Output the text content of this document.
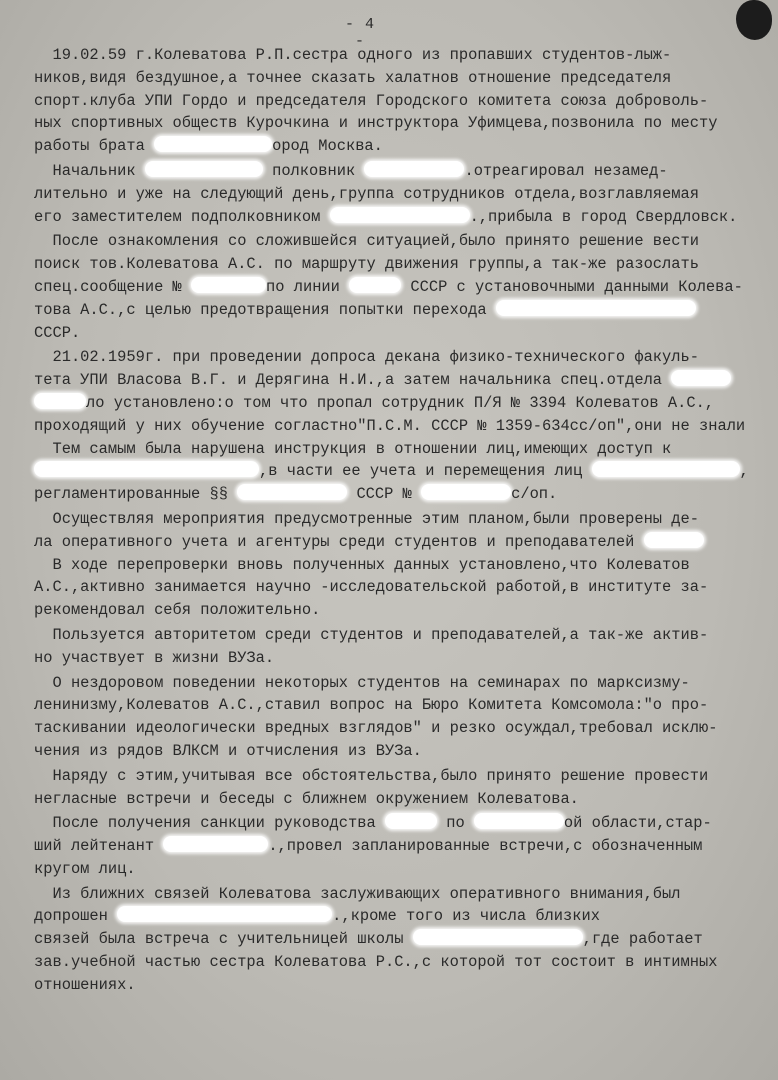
- 4 -
19.02.59 г.Колеватова Р.П.сестра одного из пропавших студентов-лыж-
ников,видя бездушное,а точнее сказать халатнов отношение председателя
спорт.клуба УПИ Гордо и председателя Городского комитета союза доброволь-
ных спортивных обществ Курочкина и инструктора Уфимцева,позвонила по месту
работы брата	ород Москва.
Начальник	полковник	.отреагировал незамед-
лительно и уже на следующий день,группа сотрудников отдела,возглавляемая
его заместителем подполковником	.,прибыла в город Свердловск.
После ознакомления со сложившейся ситуацией,было принято решение вести
поиск тов.Колеватова А.С. по маршруту движения группы,а так-же разослать
спец.сообщение №	по линии	СССР с установочными данными Колева-
това А.С.,с целью предотвращения попытки перехода
СССР.
21.02.1959г. при проведении допроса декана физико-технического факуль-
тета УПИ Власова В.Г. и Дерягина Н.И.,а затем начальника спец.отдела
ло установлено:о том что пропал сотрудник П/Я № 3394 Колеватов А.С.,
проходящий у них обучение согластно"П.С.М. СССР № 1359-634сс/оп",они не знали
Тем самым была нарушена инструкция в отношении лиц,имеющих доступ к
,в части ее учета и перемещения лиц	,
регламентированные §§	СССР №	с/оп.
Осуществляя мероприятия предусмотренные этим планом,были проверены де-
ла оперативного учета и агентуры среди студентов и преподавателей
В ходе перепроверки вновь полученных данных установлено,что Колеватов
А.С.,активно занимается научно -исследовательской работой,в институте за-
рекомендовал себя положительно.
Пользуется авторитетом среди студентов и преподавателей,а так-же актив-
но участвует в жизни ВУЗа.
О нездоровом поведении некоторых студентов на семинарах по марксизму-
ленинизму,Колеватов А.С.,ставил вопрос на Бюро Комитета Комсомола:"о про-
таскивании идеологически вредных взглядов" и резко осуждал,требовал исклю-
чения из рядов ВЛКСМ и отчисления из ВУЗа.
Наряду с этим,учитывая все обстоятельства,было принято решение провести
негласные встречи и беседы с ближнем окружением Колеватова.
После получения санкции руководства	по	ой области,стар-
ший лейтенант	.,провел запланированные встречи,с обозначенным
кругом лиц.
Из ближних связей Колеватова заслуживающих оперативного внимания,был
допрошен	.,кроме того из числа близких
связей была встреча с учительницей школы	,где работает
зав.учебной частью сестра Колеватова Р.С.,с которой тот состоит в интимных
отношениях.
